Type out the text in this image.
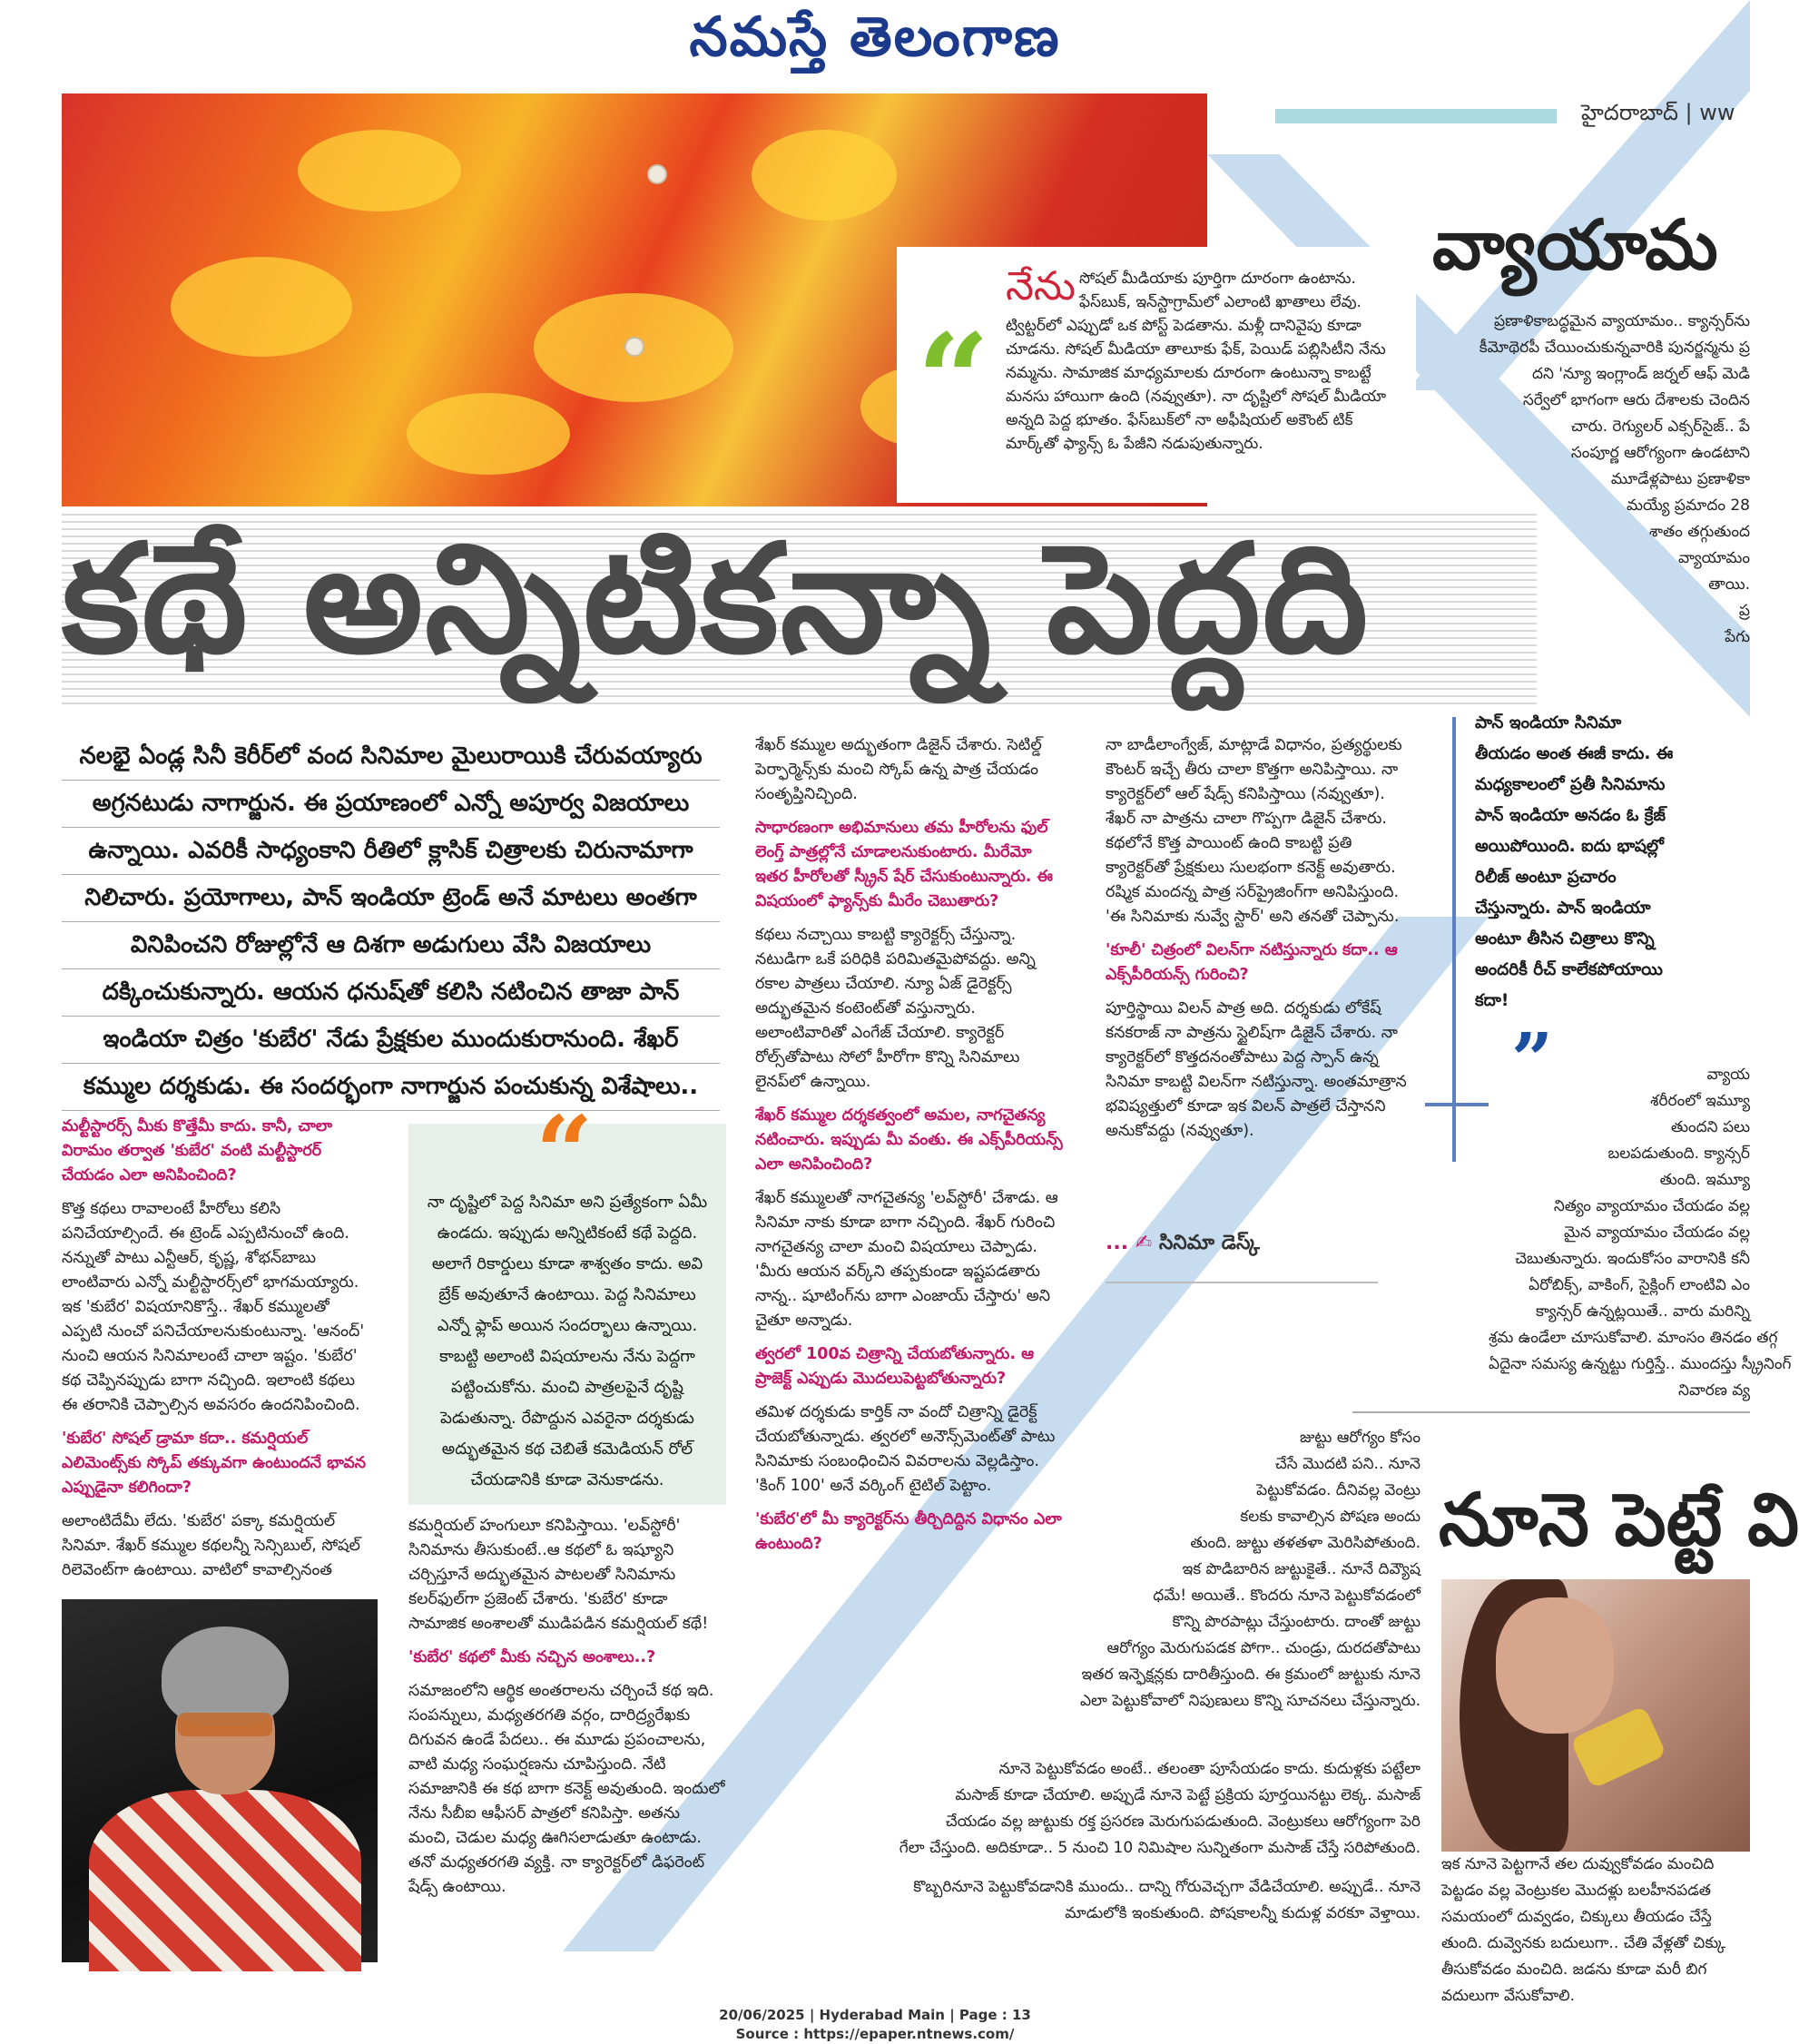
నమస్తే తెలంగాణ
హైదరాబాద్ | ww
నేను సోషల్ మీడియాకు పూర్తిగా దూరంగా ఉంటాను. ఫేస్‌బుక్, ఇన్‌స్టాగ్రామ్‌లో ఎలాంటి ఖాతాలు లేవు. ట్విట్టర్‌లో ఎప్పుడో ఒక పోస్ట్ పెడతాను. మళ్లీ దానివైపు కూడా చూడను. సోషల్ మీడియా తాలూకు ఫేక్, పెయిడ్ పబ్లిసిటీని నేను నమ్మను. సామాజిక మాధ్యమాలకు దూరంగా ఉంటున్నా కాబట్టే మనసు హాయిగా ఉంది (నవ్వుతూ). నా దృష్టిలో సోషల్ మీడియా అన్నది పెద్ద భూతం. ఫేస్‌బుక్‌లో నా అఫీషియల్ అకౌంట్ టిక్ మార్క్‌తో ఫ్యాన్స్ ఓ పేజీని నడుపుతున్నారు.
“
వ్యాయామ
ప్రణాళికాబద్ధమైన వ్యాయామం.. క్యాన్సర్‌ను
కీమోథెరపీ చేయించుకున్నవారికి పునర్జన్మను ప్ర
దని 'న్యూ ఇంగ్లాండ్ జర్నల్ ఆఫ్ మెడి
సర్వేలో భాగంగా ఆరు దేశాలకు చెందిన
చారు. రెగ్యులర్ ఎక్సర్‌సైజ్.. పే
సంపూర్ణ ఆరోగ్యంగా ఉండటాని
మూడేళ్లపాటు ప్రణాళికా
మయ్యే ప్రమాదం 28
శాతం తగ్గుతుంద
వ్యాయామం
తాయి.
ప్ర
పేగు
కథే అన్నిటికన్నా పెద్దది

నలభై ఏండ్ల సినీ కెరీర్‌లో వంద సినిమాల మైలురాయికి చేరువయ్యారు

అగ్రనటుడు నాగార్జున. ఈ ప్రయాణంలో ఎన్నో అపూర్వ విజయాలు

ఉన్నాయి. ఎవరికీ సాధ్యంకాని రీతిలో క్లాసిక్ చిత్రాలకు చిరునామాగా

నిలిచారు. ప్రయోగాలు, పాన్ ఇండియా ట్రెండ్ అనే మాటలు అంతగా

వినిపించని రోజుల్లోనే ఆ దిశగా అడుగులు వేసి విజయాలు

దక్కించుకున్నారు. ఆయన ధనుష్‌తో కలిసి నటించిన తాజా పాన్

ఇండియా చిత్రం 'కుబేర' నేడు ప్రేక్షకుల ముందుకురానుంది. శేఖర్

కమ్ముల దర్శకుడు. ఈ సందర్భంగా నాగార్జున పంచుకున్న విశేషాలు..

మల్టీస్టారర్స్ మీకు కొత్తేమీ కాదు. కానీ, చాలా విరామం తర్వాత 'కుబేర' వంటి మల్టీస్టారర్ చేయడం ఎలా అనిపించింది?

కొత్త కథలు రావాలంటే హీరోలు కలిసి పనిచేయాల్సిందే. ఈ ట్రెండ్ ఎప్పటినుంచో ఉంది. నన్నుతో పాటు ఎన్టీఆర్, కృష్ణ, శోభన్‌బాబు లాంటివారు ఎన్నో మల్టీస్టారర్స్‌లో భాగమయ్యారు. ఇక 'కుబేర' విషయానికొస్తే.. శేఖర్ కమ్ములతో ఎప్పటి నుంచో పనిచేయాలనుకుంటున్నా. 'ఆనంద్' నుంచి ఆయన సినిమాలంటే చాలా ఇష్టం. 'కుబేర' కథ చెప్పినప్పుడు బాగా నచ్చింది. ఇలాంటి కథలు ఈ తరానికి చెప్పాల్సిన అవసరం ఉందనిపించింది.

'కుబేర' సోషల్ డ్రామా కదా.. కమర్షియల్ ఎలిమెంట్స్‌కు స్కోప్ తక్కువగా ఉంటుందనే భావన ఎప్పుడైనా కలిగిందా?

అలాంటిదేమీ లేదు. 'కుబేర' పక్కా కమర్షియల్ సినిమా. శేఖర్ కమ్ముల కథలన్నీ సెన్సిబుల్, సోషల్ రిలెవెంట్‌గా ఉంటాయి. వాటిలో కావాల్సినంత

నా దృష్టిలో పెద్ద సినిమా అని ప్రత్యేకంగా ఏమీ ఉండదు. ఇప్పుడు అన్నిటికంటే కథే పెద్దది. అలాగే రికార్డులు కూడా శాశ్వతం కాదు. అవి బ్రేక్ అవుతూనే ఉంటాయి. పెద్ద సినిమాలు ఎన్నో ఫ్లాప్ అయిన సందర్భాలు ఉన్నాయి. కాబట్టి అలాంటి విషయాలను నేను పెద్దగా పట్టించుకోను. మంచి పాత్రలపైనే దృష్టి పెడుతున్నా. రేపొద్దున ఎవరైనా దర్శకుడు అద్భుతమైన కథ చెబితే కమెడియన్ రోల్ చేయడానికి కూడా వెనుకాడను.
“

కమర్షియల్ హంగులూ కనిపిస్తాయి. 'లవ్‌స్టోరీ' సినిమాను తీసుకుంటే..ఆ కథలో ఓ ఇష్యూని చర్చిస్తూనే అద్భుతమైన పాటలతో సినిమాను కలర్‌ఫుల్‌గా ప్రజెంట్ చేశారు. 'కుబేర' కూడా సామాజిక అంశాలతో ముడిపడిన కమర్షియల్ కథే!

'కుబేర' కథలో మీకు నచ్చిన అంశాలు..?

సమాజంలోని ఆర్థిక అంతరాలను చర్చించే కథ ఇది. సంపన్నులు, మధ్యతరగతి వర్గం, దారిద్ర్యరేఖకు దిగువన ఉండే పేదలు.. ఈ మూడు ప్రపంచాలను, వాటి మధ్య సంఘర్షణను చూపిస్తుంది. నేటి సమాజానికి ఈ కథ బాగా కనెక్ట్ అవుతుంది. ఇందులో నేను సీబీఐ ఆఫీసర్ పాత్రలో కనిపిస్తా. అతను మంచి, చెడుల మధ్య ఊగిసలాడుతూ ఉంటాడు. తనో మధ్యతరగతి వ్యక్తి. నా క్యారెక్టర్‌లో డిఫరెంట్ షేడ్స్ ఉంటాయి.

శేఖర్ కమ్ముల అద్భుతంగా డిజైన్ చేశారు. సెటిల్డ్ పెర్ఫార్మెన్స్‌కు మంచి స్కోప్ ఉన్న పాత్ర చేయడం సంతృప్తినిచ్చింది.

సాధారణంగా అభిమానులు తమ హీరోలను ఫుల్ లెంగ్త్ పాత్రల్లోనే చూడాలనుకుంటారు. మీరేమో ఇతర హీరోలతో స్క్రీన్ షేర్ చేసుకుంటున్నారు. ఈ విషయంలో ఫ్యాన్స్‌కు మీరేం చెబుతారు?

కథలు నచ్చాయి కాబట్టి క్యారెక్టర్స్ చేస్తున్నా. నటుడిగా ఒకే పరిధికి పరిమితమైపోవద్దు. అన్ని రకాల పాత్రలు చేయాలి. న్యూ ఏజ్ డైరెక్టర్స్ అద్భుతమైన కంటెంట్‌తో వస్తున్నారు. అలాంటివారితో ఎంగేజ్ చేయాలి. క్యారెక్టర్ రోల్స్‌తోపాటు సోలో హీరోగా కొన్ని సినిమాలు లైనప్‌లో ఉన్నాయి.

శేఖర్ కమ్ముల దర్శకత్వంలో అమల, నాగచైతన్య నటించారు. ఇప్పుడు మీ వంతు. ఈ ఎక్స్‌పీరియన్స్ ఎలా అనిపించింది?

శేఖర్ కమ్ములతో నాగచైతన్య 'లవ్‌స్టోరీ' చేశాడు. ఆ సినిమా నాకు కూడా బాగా నచ్చింది. శేఖర్ గురించి నాగచైతన్య చాలా మంచి విషయాలు చెప్పాడు. 'మీరు ఆయన వర్క్‌ని తప్పకుండా ఇష్టపడతారు నాన్న.. షూటింగ్‌ను బాగా ఎంజాయ్ చేస్తారు' అని చైతూ అన్నాడు.

త్వరలో 100వ చిత్రాన్ని చేయబోతున్నారు. ఆ ప్రాజెక్ట్ ఎప్పుడు మొదలుపెట్టబోతున్నారు?

తమిళ దర్శకుడు కార్తిక్ నా వందో చిత్రాన్ని డైరెక్ట్ చేయబోతున్నాడు. త్వరలో అనౌన్స్‌మెంట్‌తో పాటు సినిమాకు సంబంధించిన వివరాలను వెల్లడిస్తాం. 'కింగ్ 100' అనే వర్కింగ్ టైటిల్ పెట్టాం.

'కుబేర'లో మీ క్యారెక్టర్‌ను తీర్చిదిద్దిన విధానం ఎలా ఉంటుంది?

నా బాడీలాంగ్వేజ్, మాట్లాడే విధానం, ప్రత్యర్థులకు కౌంటర్ ఇచ్చే తీరు చాలా కొత్తగా అనిపిస్తాయి. నా క్యారెక్టర్‌లో ఆల్ షేడ్స్ కనిపిస్తాయి (నవ్వుతూ). శేఖర్ నా పాత్రను చాలా గొప్పగా డిజైన్ చేశారు. కథలోనే కొత్త పాయింట్ ఉంది కాబట్టి ప్రతి క్యారెక్టర్‌తో ప్రేక్షకులు సులభంగా కనెక్ట్ అవుతారు. రష్మిక మందన్న పాత్ర సర్‌ప్రైజింగ్‌గా అనిపిస్తుంది. 'ఈ సినిమాకు నువ్వే స్టార్' అని తనతో చెప్పాను.

'కూలీ' చిత్రంలో విలన్‌గా నటిస్తున్నారు కదా.. ఆ ఎక్స్‌పీరియన్స్ గురించి?

పూర్తిస్థాయి విలన్ పాత్ర అది. దర్శకుడు లోకేష్ కనకరాజ్ నా పాత్రను స్టైలిష్‌గా డిజైన్ చేశారు. నా క్యారెక్టర్‌లో కొత్తదనంతోపాటు పెద్ద స్పాన్ ఉన్న సినిమా కాబట్టి విలన్‌గా నటిస్తున్నా. అంతమాత్రాన భవిష్యత్తులో కూడా ఇక విలన్ పాత్రలే చేస్తానని అనుకోవద్దు (నవ్వుతూ).

... ✍ సినిమా డెస్క్
పాన్ ఇండియా సినిమా తీయడం అంత ఈజీ కాదు. ఈ మధ్యకాలంలో ప్రతీ సినిమాను పాన్ ఇండియా అనడం ఓ క్రేజ్ అయిపోయింది. ఐదు భాషల్లో రిలీజ్ అంటూ ప్రచారం చేస్తున్నారు. పాన్ ఇండియా అంటూ తీసిన చిత్రాలు కొన్ని అందరికీ రీచ్ కాలేకపోయాయి కదా!
”	వ్యాయ
శరీరంలో ఇమ్యూ
తుందని పలు
బలపడుతుంది. క్యాన్సర్
తుంది. ఇమ్యూ
నిత్యం వ్యాయామం చేయడం వల్ల
మైన వ్యాయామం చేయడం వల్ల
చెబుతున్నారు. ఇందుకోసం వారానికి కనీ
ఏరోబిక్స్, వాకింగ్, సైక్లింగ్ లాంటివి ఎం
క్యాన్సర్ ఉన్నట్లయితే.. వారు మరిన్ని
శ్రమ ఉండేలా చూసుకోవాలి. మాంసం తినడం తగ్గ
ఏదైనా సమస్య ఉన్నట్టు గుర్తిస్తే.. ముందస్తు స్క్రీనింగ్
నివారణ వ్య
నూనె పెట్టే వి
జుట్టు ఆరోగ్యం కోసం
చేసే మొదటి పని.. నూనె
పెట్టుకోవడం. దీనివల్ల వెంట్రు
కలకు కావాల్సిన పోషణ అందు
తుంది. జుట్టు తళతళా మెరిసిపోతుంది.
ఇక పొడిబారిన జుట్టుకైతే.. నూనే దివ్యౌష
ధమే! అయితే.. కొందరు నూనె పెట్టుకోవడంలో
కొన్ని పొరపాట్లు చేస్తుంటారు. దాంతో జుట్టు
ఆరోగ్యం మెరుగుపడక పోగా.. చుండ్రు, దురదతోపాటు
ఇతర ఇన్ఫెక్షన్లకు దారితీస్తుంది. ఈ క్రమంలో జుట్టుకు నూనె
ఎలా పెట్టుకోవాలో నిపుణులు కొన్ని సూచనలు చేస్తున్నారు.
నూనె పెట్టుకోవడం అంటే.. తలంతా పూసేయడం కాదు. కుదుళ్లకు పట్టేలా
మసాజ్ కూడా చేయాలి. అప్పుడే నూనె పెట్టే ప్రక్రియ పూర్తయినట్టు లెక్క. మసాజ్
చేయడం వల్ల జుట్టుకు రక్త ప్రసరణ మెరుగుపడుతుంది. వెంట్రుకలు ఆరోగ్యంగా పెరి
గేలా చేస్తుంది. అదికూడా.. 5 నుంచి 10 నిమిషాల సున్నితంగా మసాజ్ చేస్తే సరిపోతుంది.
కొబ్బరినూనె పెట్టుకోవడానికి ముందు.. దాన్ని గోరువెచ్చగా వేడిచేయాలి. అప్పుడే.. నూనె
మాడులోకి ఇంకుతుంది. పోషకాలన్నీ కుదుళ్ల వరకూ వెళ్తాయి.
ఇక నూనె పెట్టగానే తల దువ్వుకోవడం మంచిది
పెట్టడం వల్ల వెంట్రుకల మొదళ్లు బలహీనపడత
సమయంలో దువ్వడం, చిక్కులు తీయడం చేస్తే
తుంది. దువ్వెనకు బదులుగా.. చేతి వేళ్లతో చిక్కు
తీసుకోవడం మంచిది. జడను కూడా మరీ బిగ
వదులుగా వేసుకోవాలి.
20/06/2025 | Hyderabad Main | Page : 13
Source : https://epaper.ntnews.com/
